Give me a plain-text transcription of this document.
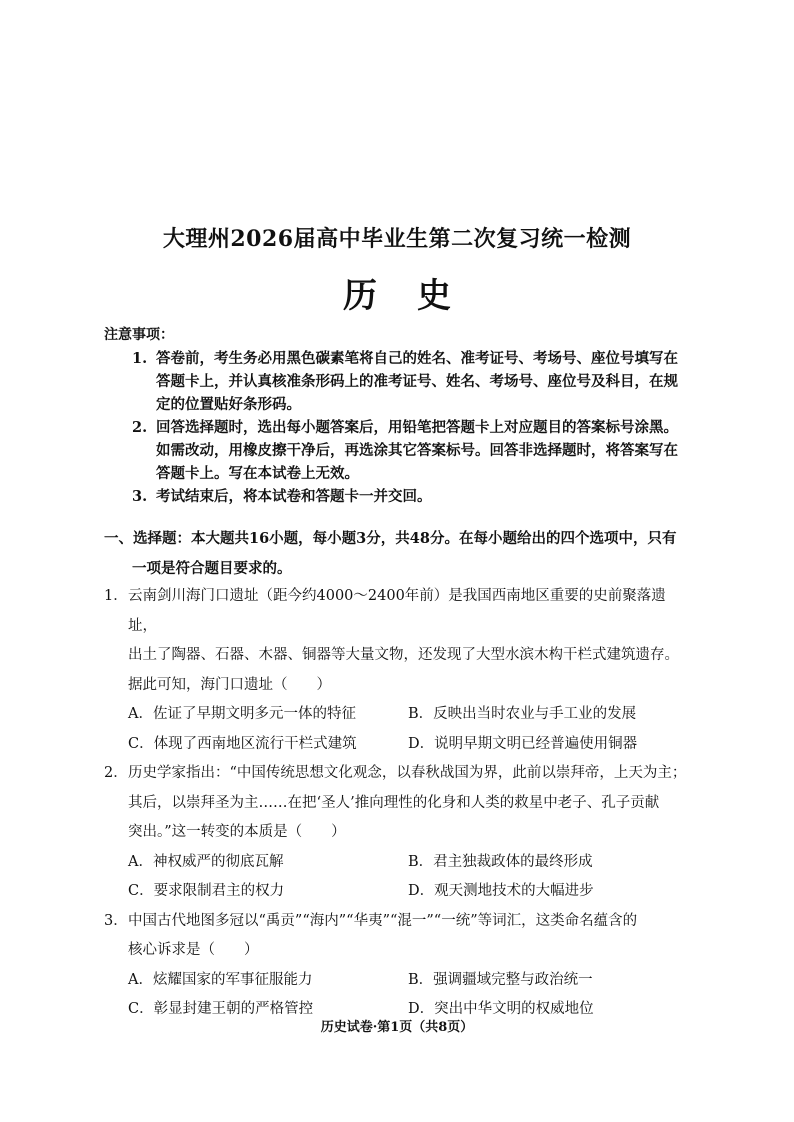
大理州2026届高中毕业生第二次复习统一检测
历史
注意事项：
1. 答卷前，考生务必用黑色碳素笔将自己的姓名、准考证号、考场号、座位号填写在
答题卡上，并认真核准条形码上的准考证号、姓名、考场号、座位号及科目，在规
定的位置贴好条形码。
2. 回答选择题时，选出每小题答案后，用铅笔把答题卡上对应题目的答案标号涂黑。
如需改动，用橡皮擦干净后，再选涂其它答案标号。回答非选择题时，将答案写在
答题卡上。写在本试卷上无效。
3. 考试结束后，将本试卷和答题卡一并交回。
一、选择题：本大题共16小题，每小题3分，共48分。在每小题给出的四个选项中，只有
一项是符合题目要求的。
1． 云南剑川海门口遗址（距今约4000～2400年前）是我国西南地区重要的史前聚落遗址，
出土了陶器、石器、木器、铜器等大量文物，还发现了大型水滨木构干栏式建筑遗存。
据此可知，海门口遗址（　　）
A．佐证了早期文明多元一体的特征	B．反映出当时农业与手工业的发展
C．体现了西南地区流行干栏式建筑	D．说明早期文明已经普遍使用铜器
2． 历史学家指出：“中国传统思想文化观念，以春秋战国为界，此前以崇拜帝，上天为主；
其后，以崇拜圣为主……在把‘圣人’推向理性的化身和人类的救星中老子、孔子贡献
突出。”这一转变的本质是（　　）
A．神权威严的彻底瓦解	B．君主独裁政体的最终形成
C．要求限制君主的权力	D．观天测地技术的大幅进步
3． 中国古代地图多冠以“禹贡”“海内”“华夷”“混一”“一统”等词汇，这类命名蕴含的
核心诉求是（　　）
A．炫耀国家的军事征服能力	B．强调疆域完整与政治统一
C．彰显封建王朝的严格管控	D．突出中华文明的权威地位
历史试卷·第1页（共8页）
